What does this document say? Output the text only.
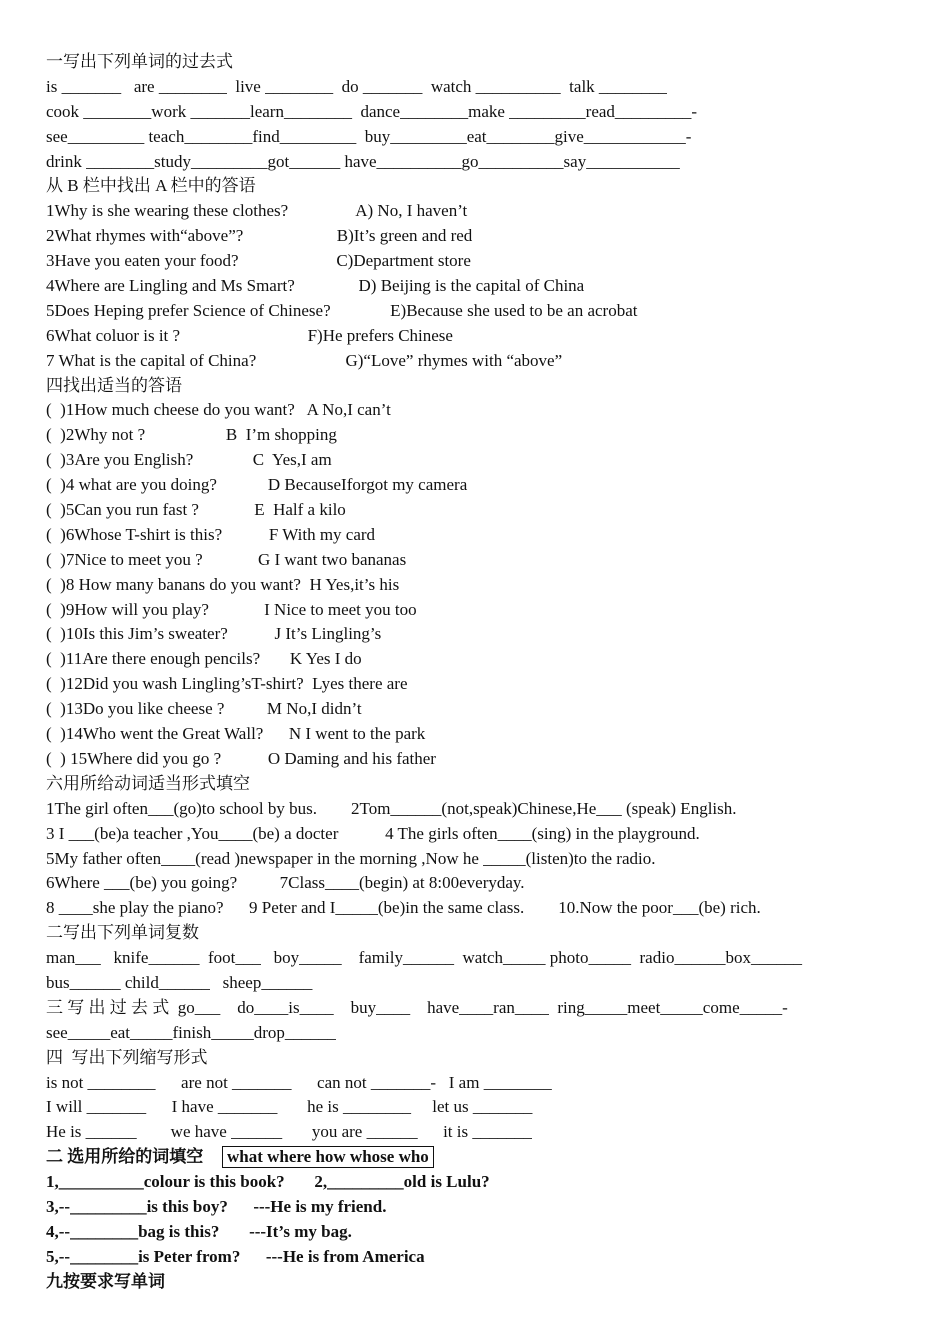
一写出下列单词的过去式
is _______   are ________  live ________  do _______  watch __________  talk ________
cook ________work _______learn________  dance________make _________read_________-
see_________ teach________find_________  buy_________eat________give____________-
drink ________study_________got______ have__________go__________say___________
从 B 栏中找出 A 栏中的答语
1Why is she wearing these clothes?                A) No, I haven’t
2What rhymes with“above”?                      B)It’s green and red
3Have you eaten your food?                       C)Department store
4Where are Lingling and Ms Smart?               D) Beijing is the capital of China
5Does Heping prefer Science of Chinese?              E)Because she used to be an acrobat
6What coluor is it ?                              F)He prefers Chinese
7 What is the capital of China?                     G)“Love” rhymes with “above”
四找出适当的答语
(  )1How much cheese do you want?   A No,I can’t
(  )2Why not ?                   B  I’m shopping
(  )3Are you English?              C  Yes,I am
(  )4 what are you doing?            D BecauseIforgot my camera
(  )5Can you run fast ?             E  Half a kilo
(  )6Whose T-shirt is this?           F With my card
(  )7Nice to meet you ?             G I want two bananas
(  )8 How many banans do you want?  H Yes,it’s his
(  )9How will you play?             I Nice to meet you too
(  )10Is this Jim’s sweater?           J It’s Lingling’s
(  )11Are there enough pencils?       K Yes I do
(  )12Did you wash Lingling’sT-shirt?  Lyes there are
(  )13Do you like cheese ?          M No,I didn’t
(  )14Who went the Great Wall?      N I went to the park
(  ) 15Where did you go ?           O Daming and his father
六用所给动词适当形式填空
1The girl often___(go)to school by bus.        2Tom______(not,speak)Chinese,He___ (speak) English.
3 I ___(be)a teacher ,You____(be) a docter           4 The girls often____(sing) in the playground.
5My father often____(read )newspaper in the morning ,Now he _____(listen)to the radio.
6Where ___(be) you going?          7Class____(begin) at 8:00everyday.
8 ____she play the piano?      9 Peter and I_____(be)in the same class.        10.Now the poor___(be) rich.
二写出下列单词复数
man___   knife______  foot___   boy_____    family______  watch_____ photo_____  radio______box______
bus______ child______   sheep______
三 写 出 过 去 式  go___    do____is____    buy____    have____ran____  ring_____meet_____come_____-
see_____eat_____finish_____drop______
四  写出下列缩写形式
is not ________      are not _______      can not _______-   I am ________
I will _______      I have _______       he is ________     let us _______
He is ______        we have ______       you are ______      it is _______
二 选用所给的词填空   what where how whose who
1,__________colour is this book?       2,_________old is Lulu?
3,--_________is this boy?      ---He is my friend.
4,--________bag is this?       ---It’s my bag.
5,--________is Peter from?      ---He is from America
九按要求写单词
